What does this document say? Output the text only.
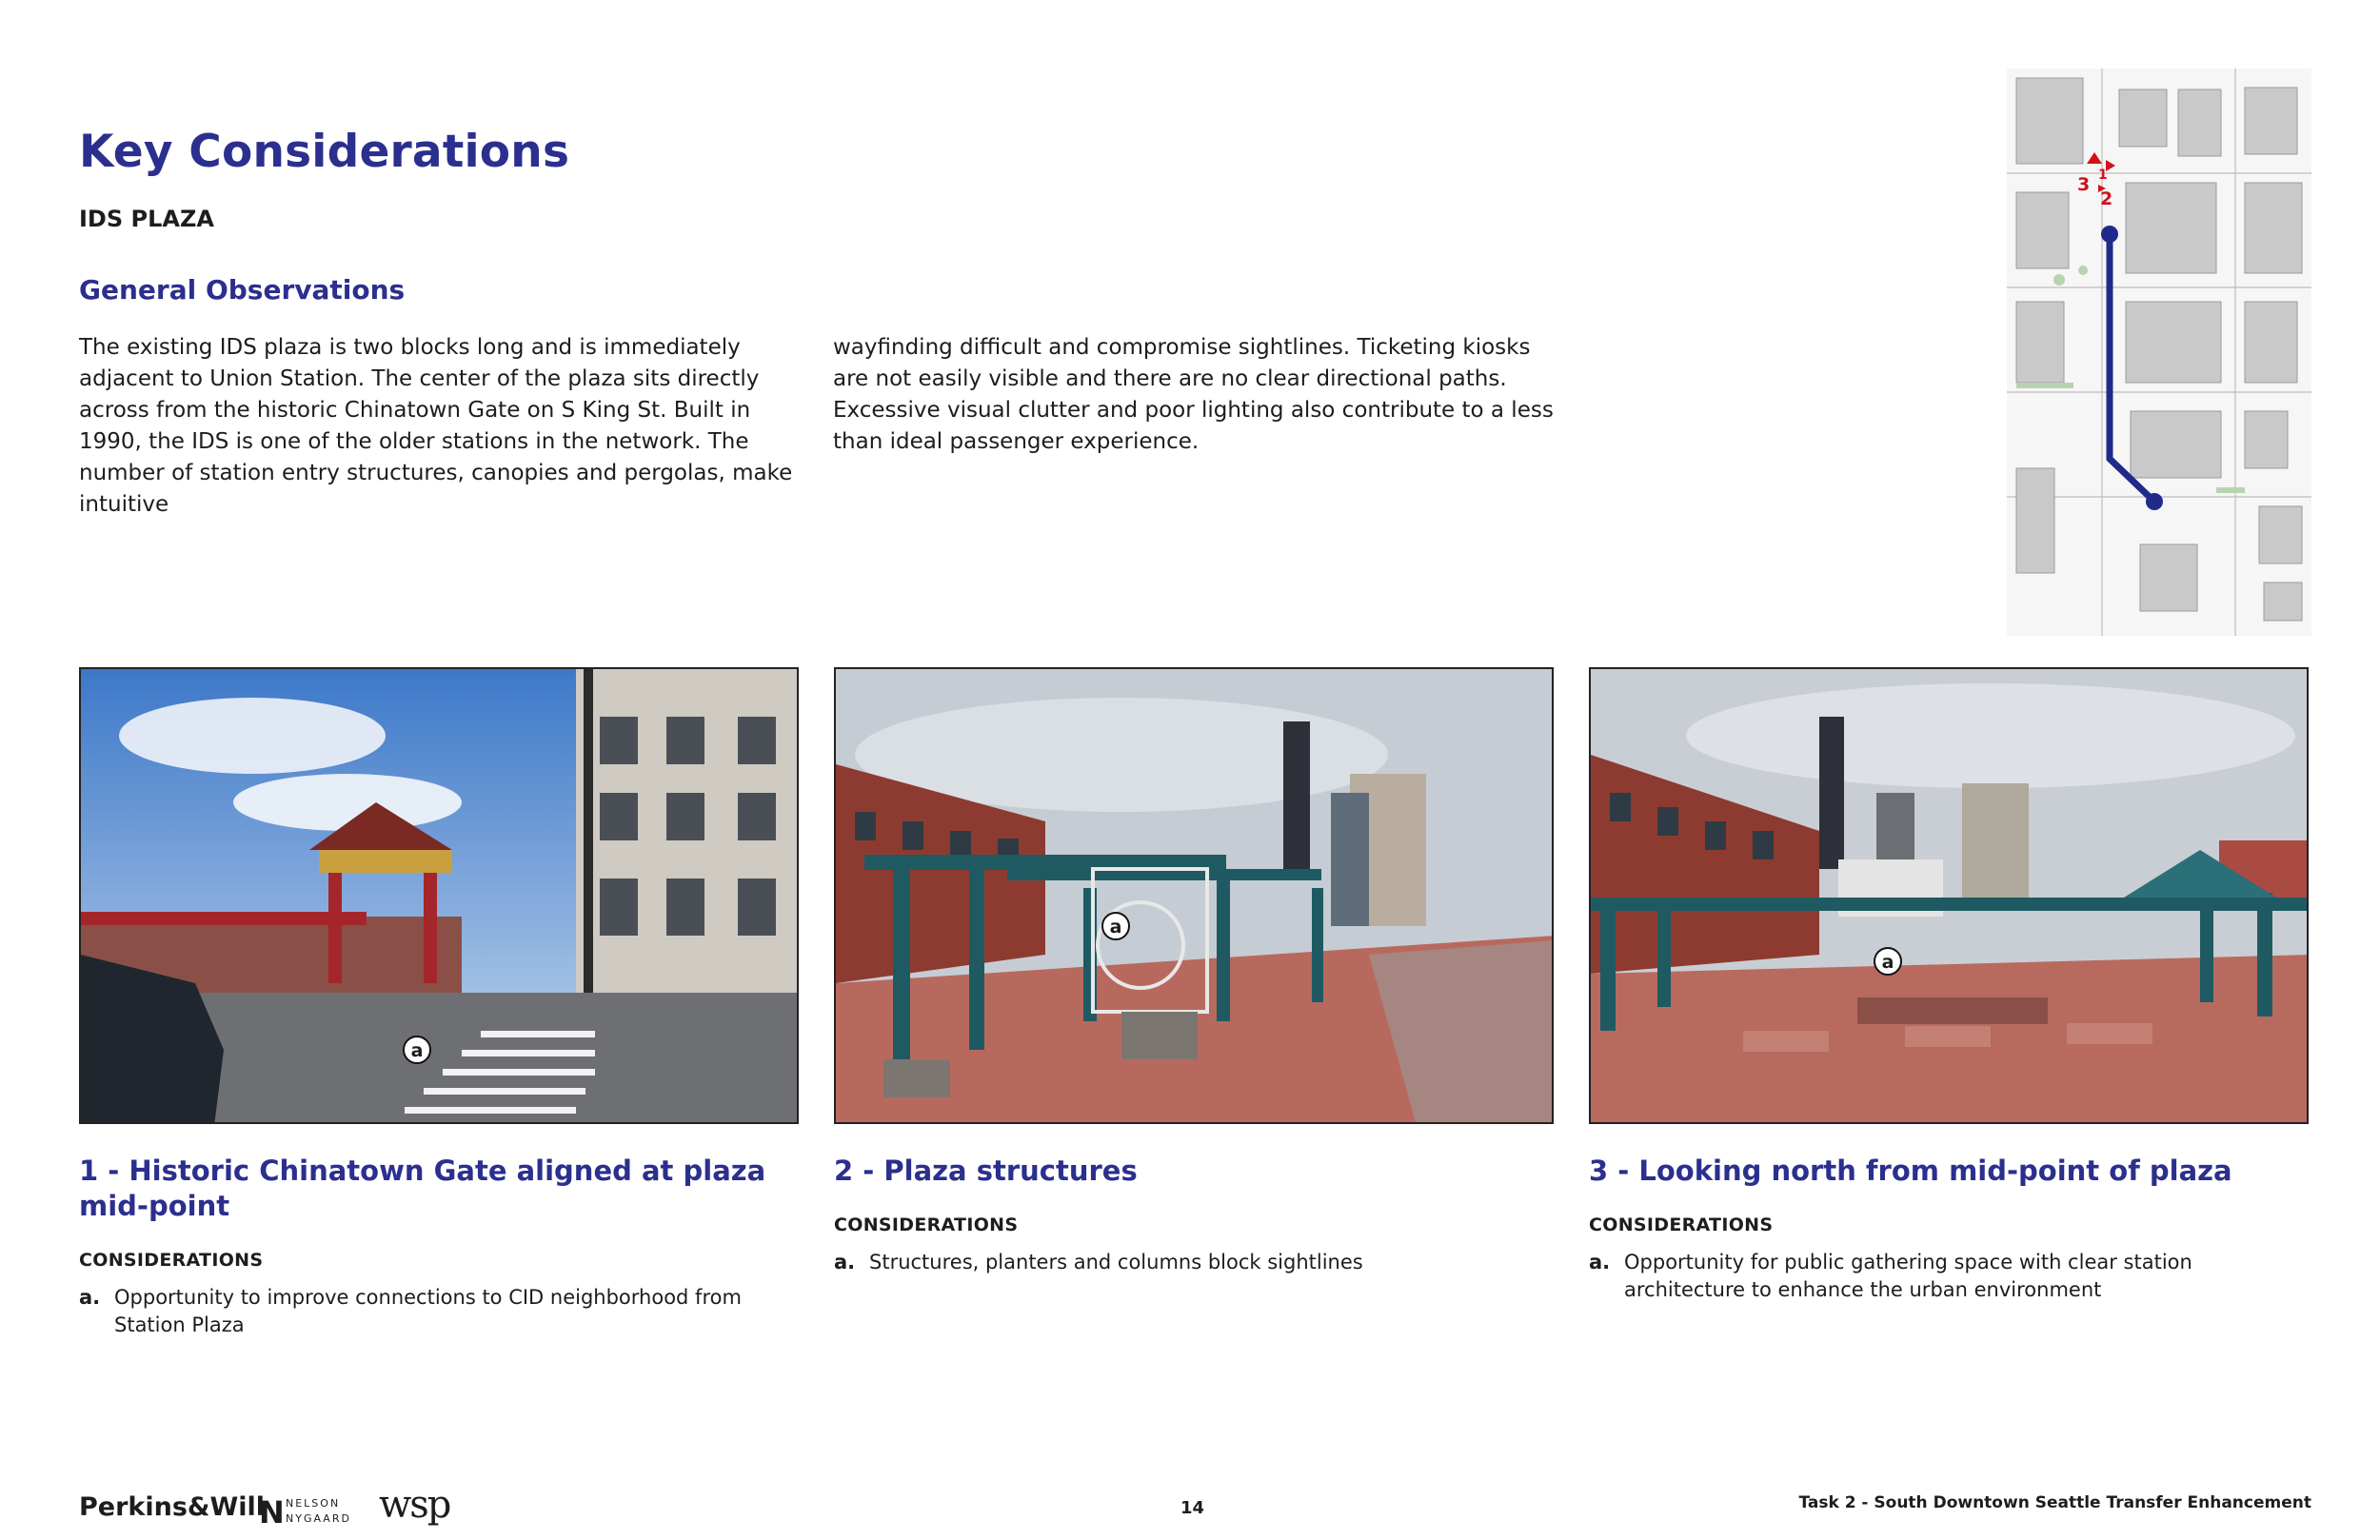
Key Considerations
IDS PLAZA
General Observations
The existing IDS plaza is two blocks long and is immediately adjacent to Union Station. The center of the plaza sits directly across from the historic Chinatown Gate on S King St. Built in 1990, the IDS is one of the older stations in the network. The number of station entry structures, canopies and pergolas, make intuitive
wayfinding difficult and compromise sightlines. Ticketing kiosks are not easily visible and there are no clear directional paths. Excessive visual clutter and poor lighting also contribute to a less than ideal passenger experience.
3 1
2
a
a
a
1 - Historic Chinatown Gate aligned at plaza mid-point
CONSIDERATIONS
a. Opportunity to improve connections to CID neighborhood from Station Plaza
2 - Plaza structures
CONSIDERATIONS
a. Structures, planters and columns block sightlines
3 - Looking north from mid-point of plaza
CONSIDERATIONS
a. Opportunity for public gathering space with clear station architecture to enhance the urban environment
Perkins&Will
N NELSON
NYGAARD wsp	14	Task 2 - South Downtown Seattle Transfer Enhancement
